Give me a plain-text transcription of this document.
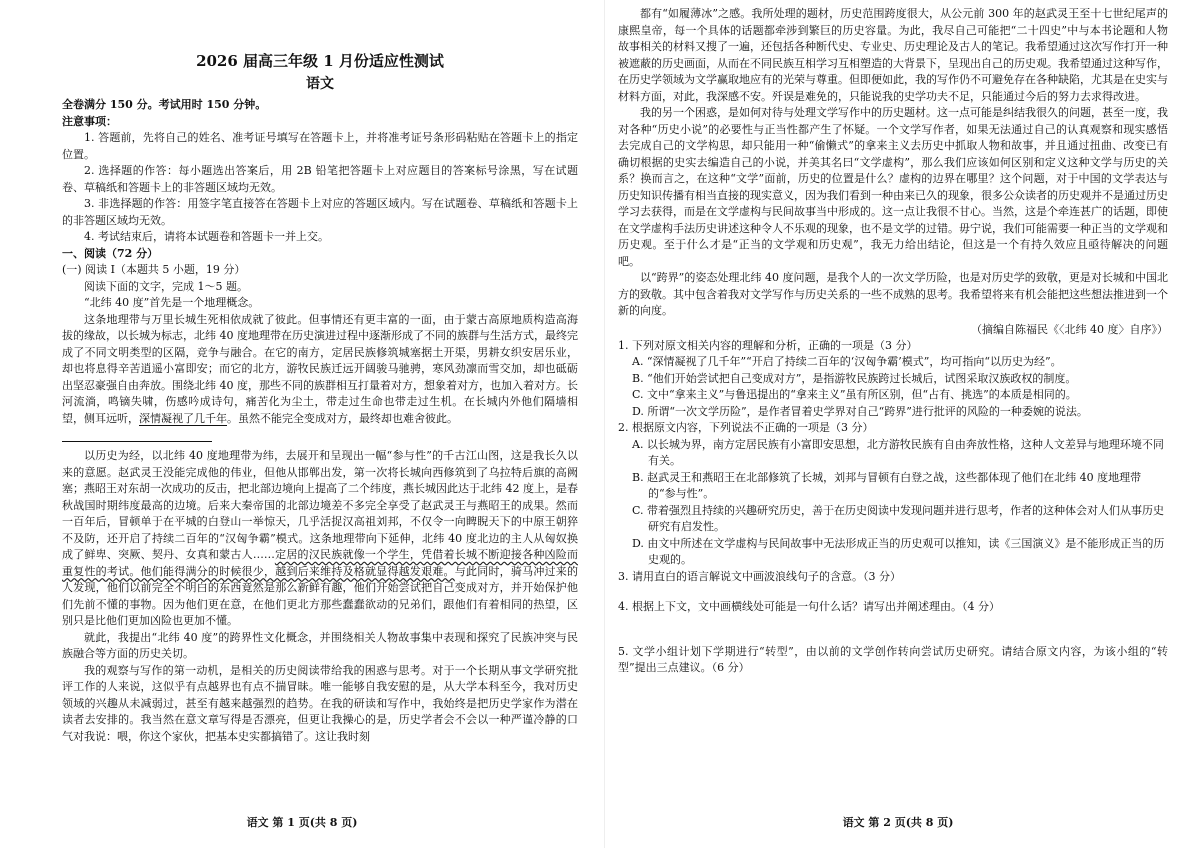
2026 届高三年级 1 月份适应性测试
语文

全卷满分 150 分。考试用时 150 分钟。

注意事项：

1. 答题前，先将自己的姓名、准考证号填写在答题卡上，并将准考证号条形码粘贴在答题卡上的指定位置。

2. 选择题的作答：每小题选出答案后，用 2B 铅笔把答题卡上对应题目的答案标号涂黑，写在试题卷、草稿纸和答题卡上的非答题区域均无效。

3. 非选择题的作答：用签字笔直接答在答题卡上对应的答题区域内。写在试题卷、草稿纸和答题卡上的非答题区域均无效。

4. 考试结束后，请将本试题卷和答题卡一并上交。

一、阅读（72 分）

(一) 阅读 Ⅰ（本题共 5 小题，19 分）

阅读下面的文字，完成 1～5 题。

“北纬 40 度”首先是一个地理概念。

这条地理带与万里长城生死相依成就了彼此。但事情还有更丰富的一面，由于蒙古高原地质构造高海拔的缘故，以长城为标志，北纬 40 度地理带在历史演进过程中逐渐形成了不同的族群与生活方式，最终完成了不同文明类型的区隔，竞争与融合。在它的南方，定居民族修筑城塞据土开渠，男耕女织安居乐业，却也将息得辛苦逍遥小富即安；而它的北方，游牧民族迁远开阔骏马驰骋，寒风劲凛而雪交加，却也砥砺出坚忍豪强自由奔放。围绕北纬 40 度，那些不同的族群相互打量着对方，想象着对方，也加入着对方。长河流淌，鸣镝失啸，伤感吟成诗句，痛苦化为尘土，带走过生命也带走过生机。在长城内外他们隔墙相望，侧耳远听，深情凝视了几千年。虽然不能完全变成对方，最终却也难舍彼此。

以历史为经，以北纬 40 度地理带为纬，去展开和呈现出一幅“参与性”的千古江山图，这是我长久以来的意愿。赵武灵王没能完成他的伟业，但他从邯郸出发，第一次将长城向西修筑到了乌拉特后旗的高阙塞；燕昭王对东胡一次成功的反击，把北部边境向上提高了二个纬度，燕长城因此达于北纬 42 度上，是春秋战国时期纬度最高的边境。后来大秦帝国的北部边境差不多完全享受了赵武灵王与燕昭王的成果。然而一百年后，冒顿单于在平城的白登山一举惊天，几乎活捉汉高祖刘邦，不仅令一向睥睨天下的中原王朝猝不及防，还开启了持续二百年的“汉匈争霸”模式。这条地理带向下延伸，北纬 40 度北边的主人从匈奴换成了鲜卑、突厥、契丹、女真和蒙古人……定居的汉民族就像一个学生，凭借着长城不断迎接各种凶险而重复性的考试。他们能得满分的时候很少，越到后来维持及格就显得越发艰难。与此同时，骑马冲过来的人发现，他们以前完全不明白的东西竟然是那么新鲜有趣，他们开始尝试把自己变成对方，并开始保护他们先前不懂的事物。因为他们更在意，在他们更北方那些蠢蠢欲动的兄弟们，跟他们有着相同的热望，区别只是比他们更加凶险也更加不懂。

就此，我提出“北纬 40 度”的跨界性文化概念，并围绕相关人物故事集中表现和探究了民族冲突与民族融合等方面的历史关切。

我的观察与写作的第一动机，是相关的历史阅读带给我的困惑与思考。对于一个长期从事文学研究批评工作的人来说，这似乎有点越界也有点不揣冒昧。唯一能够自我安慰的是，从大学本科至今，我对历史领域的兴趣从未减弱过，甚至有越来越强烈的趋势。在我的研读和写作中，我始终是把历史学家作为潜在读者去安排的。我当然在意文章写得是否漂亮，但更让我操心的是，历史学者会不会以一种严谨冷静的口气对我说：喂，你这个家伙，把基本史实都搞错了。这让我时刻

语文 第 1 页(共 8 页)

都有“如履薄冰”之感。我所处理的题材，历史范围跨度很大，从公元前 300 年的赵武灵王至十七世纪尾声的康熙皇帝，每一个具体的话题都牵涉到繁巨的历史容量。为此，我尽自己可能把“二十四史”中与本书论题和人物故事相关的材料又搜了一遍，还包括各种断代史、专业史、历史理论及古人的笔记。我希望通过这次写作打开一种被遮蔽的历史画面，从而在不同民族互相学习互相塑造的大背景下，呈现出自己的历史观。我希望通过这种写作，在历史学领域为文学赢取地应有的光荣与尊重。但即便如此，我的写作仍不可避免存在各种缺陷，尤其是在史实与材料方面，对此，我深感不安。歼误是难免的，只能说我的史学功夫不足，只能通过今后的努力去求得改进。

我的另一个困惑，是如何对待与处理文学写作中的历史题材。这一点可能是纠结我很久的问题，甚至一度，我对各种“历史小说”的必要性与正当性都产生了怀疑。一个文学写作者，如果无法通过自己的认真观察和现实感悟去完成自己的文学构思，却只能用一种“偷懒式”的拿来主义去历史中抓取人物和故事，并且通过扭曲、改变已有确切根据的史实去编造自己的小说，并美其名曰“文学虚构”，那么我们应该如何区别和定义这种文学与历史的关系？换而言之，在这种“文学”面前，历史的位置是什么？虚构的边界在哪里？这个问题，对于中国的文学表达与历史知识传播有相当直接的现实意义，因为我们看到一种由来已久的现象，很多公众读者的历史观并不是通过历史学习去获得，而是在文学虚构与民间故事当中形成的。这一点让我很不甘心。当然，这是个牵连甚广的话题，即使在文学虚构手法历史讲述这种令人不乐观的现象，也不是文学的过错。毋宁说，我们可能需要一种正当的文学观和历史观。至于什么才是“正当的文学观和历史观”，我无力给出结论，但这是一个有持久效应且亟待解决的问题吧。

以“跨界”的姿态处理北纬 40 度问题，是我个人的一次文学历险，也是对历史学的致敬，更是对长城和中国北方的致敬。其中包含着我对文学写作与历史关系的一些不成熟的思考。我希望将来有机会能把这些想法推进到一个新的向度。

（摘编自陈福民《〈北纬 40 度〉自序》）

1. 下列对原文相关内容的理解和分析，正确的一项是（3 分）

A. “深情凝视了几千年”“开启了持续二百年的‘汉匈争霸’模式”，均可指向“以历史为经”。
B. “他们开始尝试把自己变成对方”，是指游牧民族跨过长城后，试图采取汉族政权的制度。
C. 文中“拿来主义”与鲁迅提出的“拿来主义”虽有所区别，但“占有、挑选”的本质是相同的。
D. 所谓“一次文学历险”，是作者冒着史学界对自己“跨界”进行批评的风险的一种委婉的说法。

2. 根据原文内容，下列说法不正确的一项是（3 分）

A. 以长城为界，南方定居民族有小富即安思想，北方游牧民族有自由奔放性格，这种人文差异与地理环境不同有关。
B. 赵武灵王和燕昭王在北部修筑了长城，刘邦与冒顿有白登之战，这些都体现了他们在北纬 40 度地理带的“参与性”。
C. 带着强烈且持续的兴趣研究历史，善于在历史阅读中发现问题并进行思考，作者的这种体会对人们从事历史研究有启发性。
D. 由文中所述在文学虚构与民间故事中无法形成正当的历史观可以推知，读《三国演义》是不能形成正当的历史观的。

3. 请用直白的语言解说文中画波浪线句子的含意。（3 分）

4. 根据上下文，文中画横线处可能是一句什么话？请写出并阐述理由。（4 分）

5. 文学小组计划下学期进行“转型”，由以前的文学创作转向尝试历史研究。请结合原文内容，为该小组的“转型”提出三点建议。（6 分）

语文 第 2 页(共 8 页)
